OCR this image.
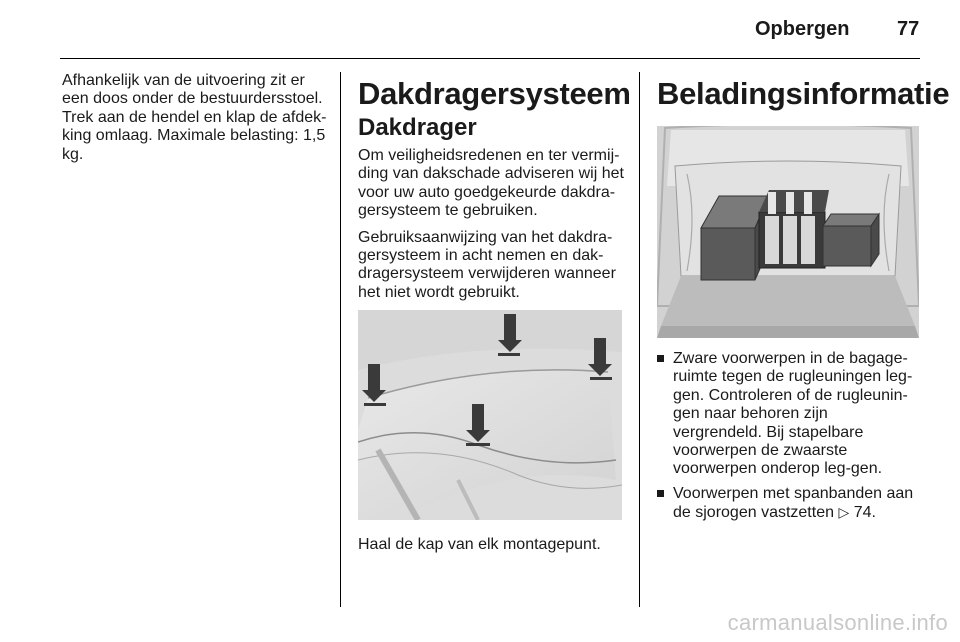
Opbergen 77

Afhankelijk van de uitvoering zit er een doos onder de bestuurdersstoel. Trek aan de hendel en klap de afdek-king omlaag. Maximale belasting: 1,5 kg.

Dakdragersysteem
Dakdrager

Om veiligheidsredenen en ter vermij-ding van dakschade adviseren wij het voor uw auto goedgekeurde dakdra-gersysteem te gebruiken.

Gebruiksaanwijzing van het dakdra-gersysteem in acht nemen en dak-dragersysteem verwijderen wanneer het niet wordt gebruikt.

Haal de kap van elk montagepunt.

Beladingsinformatie
Zware voorwerpen in de bagage-ruimte tegen de rugleuningen leg-gen. Controleren of de rugleunin-gen naar behoren zijn vergrendeld. Bij stapelbare voorwerpen de zwaarste voorwerpen onderop leg-gen.
Voorwerpen met spanbanden aan de sjorogen vastzetten ▷ 74.
carmanualsonline.info
